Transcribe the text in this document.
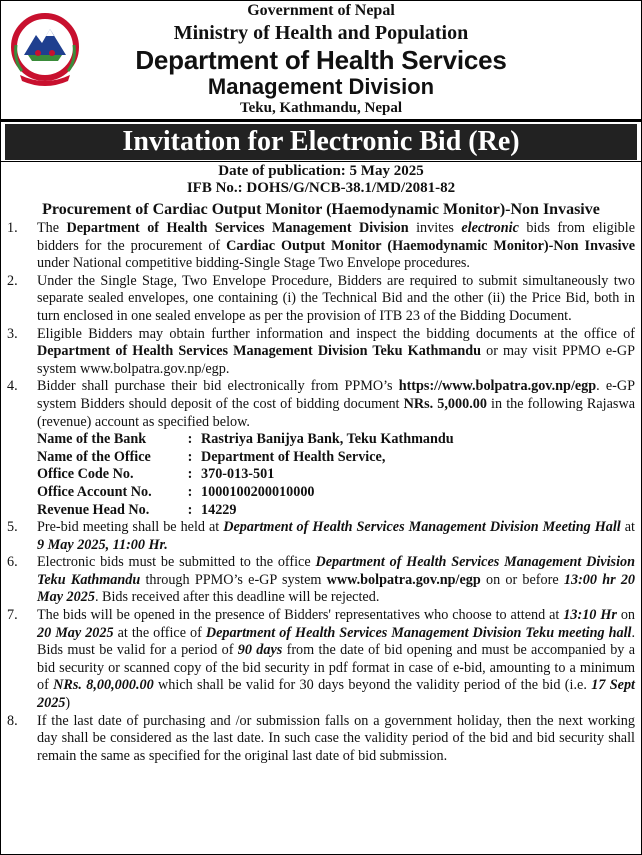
Government of Nepal
Ministry of Health and Population
Department of Health Services
Management Division
Teku, Kathmandu, Nepal
Invitation for Electronic Bid (Re)
Date of publication: 5 May 2025
IFB No.: DOHS/G/NCB-38.1/MD/2081-82
Procurement of Cardiac Output Monitor (Haemodynamic Monitor)-Non Invasive
1. The Department of Health Services Management Division invites electronic bids from eligible bidders for the procurement of Cardiac Output Monitor (Haemodynamic Monitor)-Non Invasive under National competitive bidding-Single Stage Two Envelope procedures.
2. Under the Single Stage, Two Envelope Procedure, Bidders are required to submit simultaneously two separate sealed envelopes, one containing (i) the Technical Bid and the other (ii) the Price Bid, both in turn enclosed in one sealed envelope as per the provision of ITB 23 of the Bidding Document.
3. Eligible Bidders may obtain further information and inspect the bidding documents at the office of Department of Health Services Management Division Teku Kathmandu or may visit PPMO e-GP system www.bolpatra.gov.np/egp.
4. Bidder shall purchase their bid electronically from PPMO’s https://www.bolpatra.gov.np/egp. e-GP system Bidders should deposit of the cost of bidding document NRs. 5,000.00 in the following Rajaswa (revenue) account as specified below.
Name of the Bank	:	Rastriya Banijya Bank, Teku Kathmandu
Name of the Office	:	Department of Health Service,
Office Code No.	:	370-013-501
Office Account No.	:	1000100200010000
Revenue Head No.	:	14229
5. Pre-bid meeting shall be held at Department of Health Services Management Division Meeting Hall at 9 May 2025, 11:00 Hr.
6. Electronic bids must be submitted to the office Department of Health Services Management Division Teku Kathmandu through PPMO’s e-GP system www.bolpatra.gov.np/egp on or before 13:00 hr 20 May 2025. Bids received after this deadline will be rejected.
7. The bids will be opened in the presence of Bidders' representatives who choose to attend at 13:10 Hr on 20 May 2025 at the office of Department of Health Services Management Division Teku meeting hall. Bids must be valid for a period of 90 days from the date of bid opening and must be accompanied by a bid security or scanned copy of the bid security in pdf format in case of e-bid, amounting to a minimum of NRs. 8,00,000.00 which shall be valid for 30 days beyond the validity period of the bid (i.e. 17 Sept 2025)
8. If the last date of purchasing and /or submission falls on a government holiday, then the next working day shall be considered as the last date. In such case the validity period of the bid and bid security shall remain the same as specified for the original last date of bid submission.
